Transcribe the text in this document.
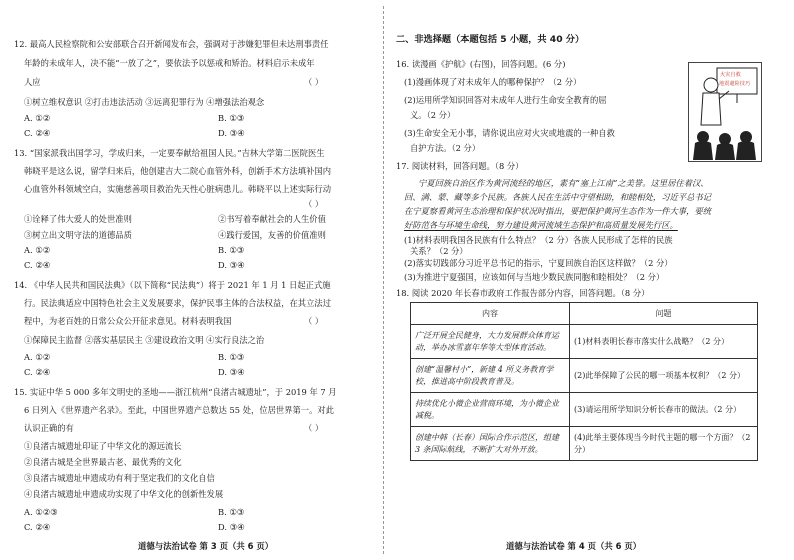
12. 最高人民检察院和公安部联合召开新闻发布会，强调对于涉嫌犯罪但未达刑事责任
年龄的未成年人，决不能“一放了之”，要依法予以惩戒和矫治。材料启示未成年
人应	（ ）
①树立维权意识 ②打击违法活动 ③远离犯罪行为 ④增强法治观念
A. ①②	B. ①③
C. ②④	D. ③④
13. “国家派我出国学习，学成归来，一定要奉献给祖国人民。”吉林大学第二医院医生
韩晓平是这么说，留学归来后，他创建吉大二院心血管外科，创新手术方法填补国内
心血管外科领域空白，实施慈善项目救治先天性心脏病患儿。韩晓平以上述实际行动
（ ）
①诠释了伟大爱人的处世准则	②书写着奉献社会的人生价值
③树立出文明守法的道德品质	④践行爱国，友善的价值准则
A. ①②	B. ①③
C. ②④	D. ③④
14. 《中华人民共和国民法典》（以下简称“民法典”）将于 2021 年 1 月 1 日起正式施
行。民法典适应中国特色社会主义发展要求，保护民事主体的合法权益，在其立法过
程中，为老百姓的日常公众公开征求意见。材料表明我国	（ ）
①保障民主监督 ②落实基层民主 ③建设政治文明 ④实行良法之治
A. ①②	B. ①③
C. ②④	D. ③④
15. 实证中华 5 000 多年文明史的圣地——浙江杭州“良渚古城遗址”，于 2019 年 7 月
6 日列入《世界遗产名录》。至此，中国世界遗产总数达 55 处，位居世界第一。对此
认识正确的有	（ ）
①良渚古城遗址印证了中华文化的源远流长
②良渚古城是全世界最古老、最优秀的文化
③良渚古城遗址申遗成功有利于坚定我们的文化自信
④良渚古城遗址申遗成功实现了中华文化的创新性发展
A. ①②③	B. ①③
C. ②④	D. ③④
道德与法治试卷 第 3 页（共 6 页）
二、非选择题（本题包括 5 小题，共 40 分）
16. 读漫画《护航》(右图)，回答问题。(6 分)
(1)漫画体现了对未成年人的哪种保护？（2 分）
(2)运用所学知识回答对未成年人进行生命安全教育的屈
义。（2 分）
(3)生命安全无小事，请你说出应对火灾或地震的一种自救
自护方法。（2 分）
火灾自救
地震避险技巧
17. 阅读材料，回答问题。（8 分）
宁夏回族自治区作为黄河流经的地区，素有“塞上江南”之美誉。这里居住着汉、
回、满、蒙、藏等多个民族。各族人民在生活中守望相助，和睦相处，习近平总书记
在宁夏察看黄河生态治理和保护状况时指出，要把保护黄河生态作为一件大事，要统
好防范各与环境生命线，努力建设黄河流域生态保护和高质量发展先行区。
(1)材料表明我国各民族有什么特点？（2 分）各族人民形成了怎样的民族
关系？（2 分）
(2)落实切践部分习近平总书记的指示，宁夏回族自治区这样做？（2 分）
(3)为推进宁夏强国，应该如何与当地少数民族同胞和睦相处？（2 分）
内容	问题
广泛开展全民健身，大力发展群众体育运动，举办冰雪嘉年华等大型体育活动。	(1)材料表明长春市落实什么战略？（2 分）
创建“温馨村小”，新建 4 所义务教育学校，推进高中阶段教育普及。	(2)此举保障了公民的哪一项基本权利？（2 分）
持续优化小微企业营商环境，为小微企业减税。	(3)请运用所学知识分析长春市的做法。（2 分）
创建中韩（长春）国际合作示范区，组建 3 条国际航线，不断扩大对外开放。	(4)此举主要体现当今时代主题的哪一个方面？（2 分）
道德与法治试卷 第 4 页（共 6 页）
18. 阅读 2020 年长春市政府工作报告部分内容，回答问题。（8 分）
